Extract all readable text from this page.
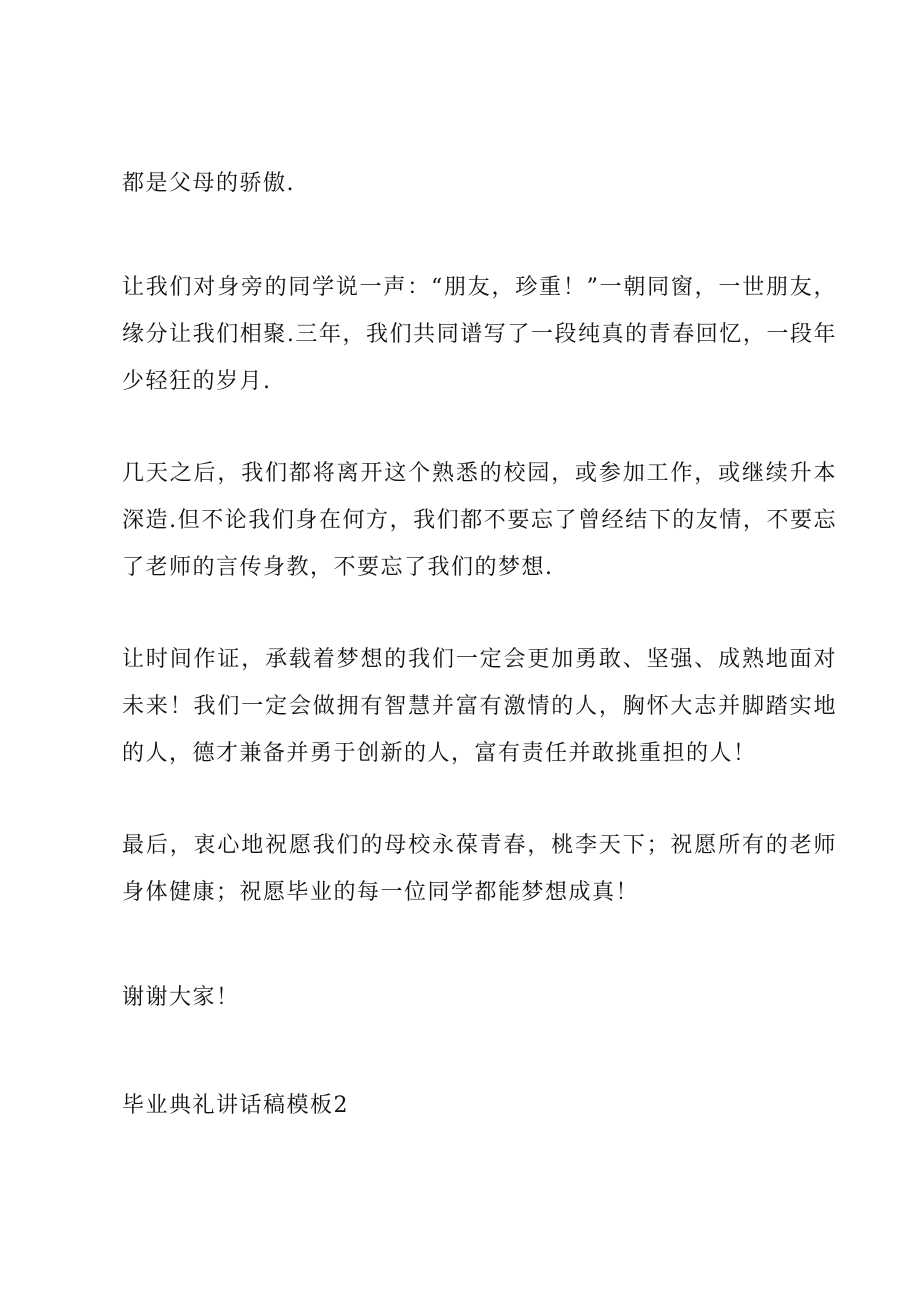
都是父母的骄傲.

让我们对身旁的同学说一声：“朋友，珍重！”一朝同窗，一世朋友，缘分让我们相聚.三年，我们共同谱写了一段纯真的青春回忆，一段年少轻狂的岁月.

几天之后，我们都将离开这个熟悉的校园，或参加工作，或继续升本深造.但不论我们身在何方，我们都不要忘了曾经结下的友情，不要忘了老师的言传身教，不要忘了我们的梦想.

让时间作证，承载着梦想的我们一定会更加勇敢、坚强、成熟地面对未来！我们一定会做拥有智慧并富有激情的人，胸怀大志并脚踏实地的人，德才兼备并勇于创新的人，富有责任并敢挑重担的人！

最后，衷心地祝愿我们的母校永葆青春，桃李天下；祝愿所有的老师身体健康；祝愿毕业的每一位同学都能梦想成真！

谢谢大家！

毕业典礼讲话稿模板2
